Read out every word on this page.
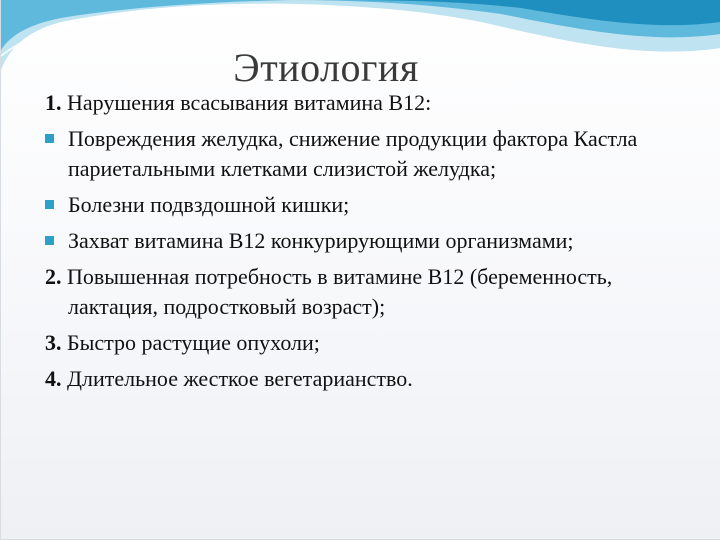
Этиология
1. Нарушения всасывания витамина В12:
Повреждения желудка, снижение продукции фактора Кастла париетальными клетками слизистой желудка;
Болезни подвздошной кишки;
Захват витамина В12 конкурирующими организмами;
2. Повышенная потребность в витамине В12 (беременность, лактация, подростковый возраст);
3. Быстро растущие опухоли;
4. Длительное жесткое вегетарианство.
